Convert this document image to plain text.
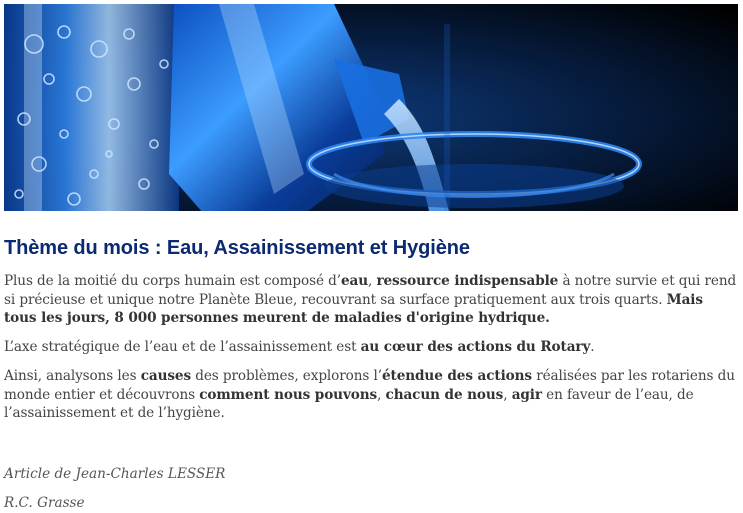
Thème du mois : Eau, Assainissement et Hygiène

Plus de la moitié du corps humain est composé d’eau, ressource indispensable à notre survie et qui rend si précieuse et unique notre Planète Bleue, recouvrant sa surface pratiquement aux trois quarts. Mais tous les jours, 8 000 personnes meurent de maladies d'origine hydrique.

L’axe stratégique de l’eau et de l’assainissement est au cœur des actions du Rotary.

Ainsi, analysons les causes des problèmes, explorons l’étendue des actions réalisées par les rotariens du monde entier et découvrons comment nous pouvons, chacun de nous, agir en faveur de l’eau, de l’assainissement et de l’hygiène.

Article de Jean-Charles LESSER
R.C. Grasse
